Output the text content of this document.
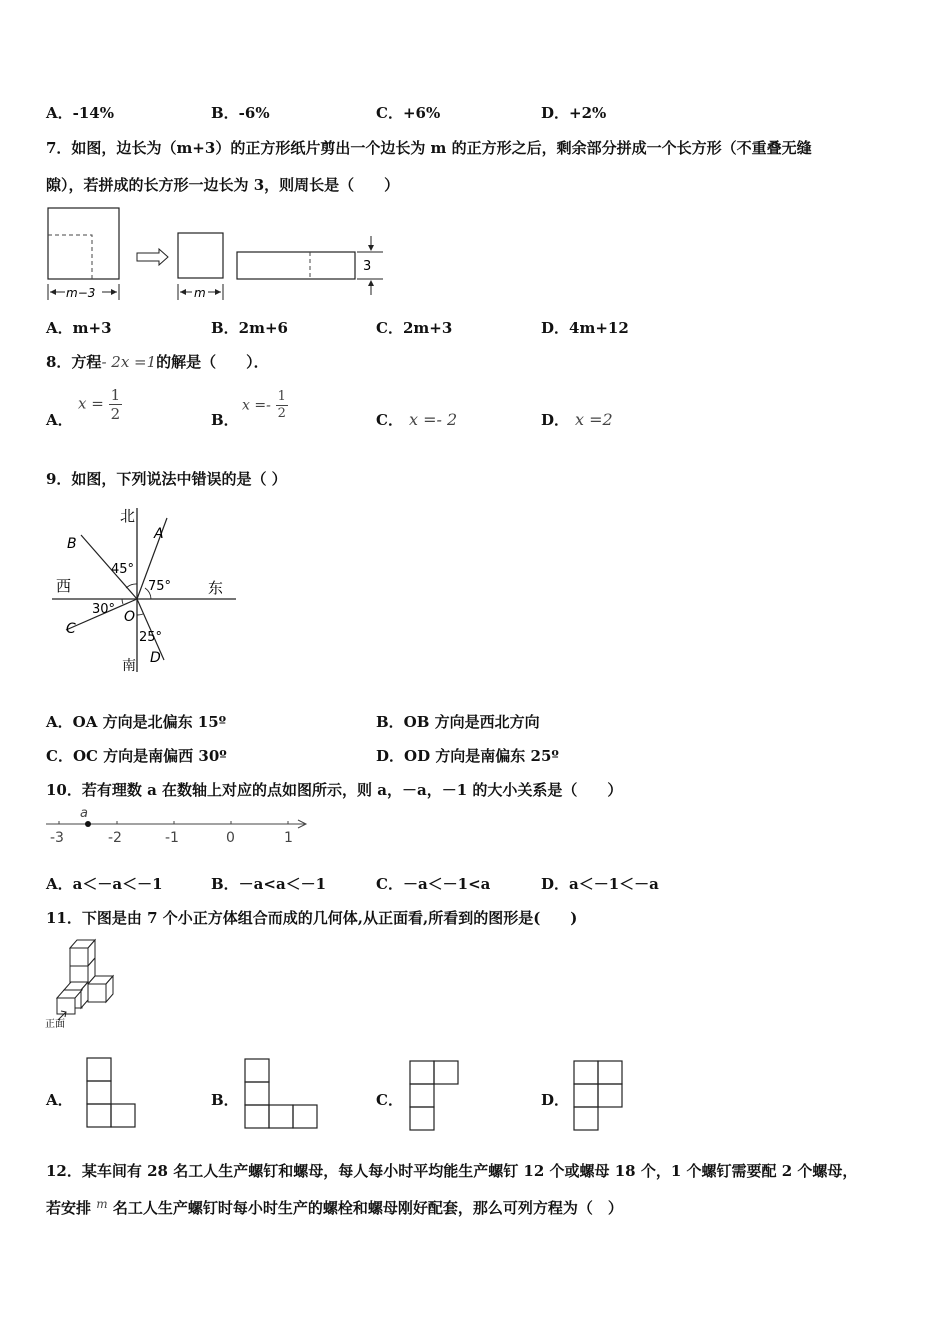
A．-14%	B．-6%	C．+6%	D．+2%
7．如图，边长为（m+3）的正方形纸片剪出一个边长为 m 的正方形之后，剩余部分拼成一个长方形（不重叠无缝
隙），若拼成的长方形一边长为 3，则周长是（　　）
m−3	m
3
A．m+3	B．2m+6	C．2m+3	D．4m+12
8．方程- 2x =1的解是（　　）．
A．
$x = \frac{1}{2}$	B．
$x =- \frac{1}{2}$	C． x =- 2	D． x =2
9．如图，下列说法中错误的是（ ）
北
南
西	东
B
A
C
D
O
45°
75°
30°
25°
A．OA 方向是北偏东 15º	B．OB 方向是西北方向
C．OC 方向是南偏西 30º	D．OD 方向是南偏东 25º
10．若有理数 a 在数轴上对应的点如图所示，则 a，－a，－1 的大小关系是（　　）
a
-3	-2	-1	0	1
A．a＜－a＜－1	B．－a<a＜－1	C．－a＜－1<a	D．a＜－1＜－a
11．下图是由 7 个小正方体组合而成的几何体,从正面看,所看到的图形是(　　)
正面
A．	B．	C．	D．
12．某车间有 28 名工人生产螺钉和螺母，每人每小时平均能生产螺钉 12 个或螺母 18 个，1 个螺钉需要配 2 个螺母，
若安排 $^m$ 名工人生产螺钉时每小时生产的螺栓和螺母刚好配套，那么可列方程为（　）
